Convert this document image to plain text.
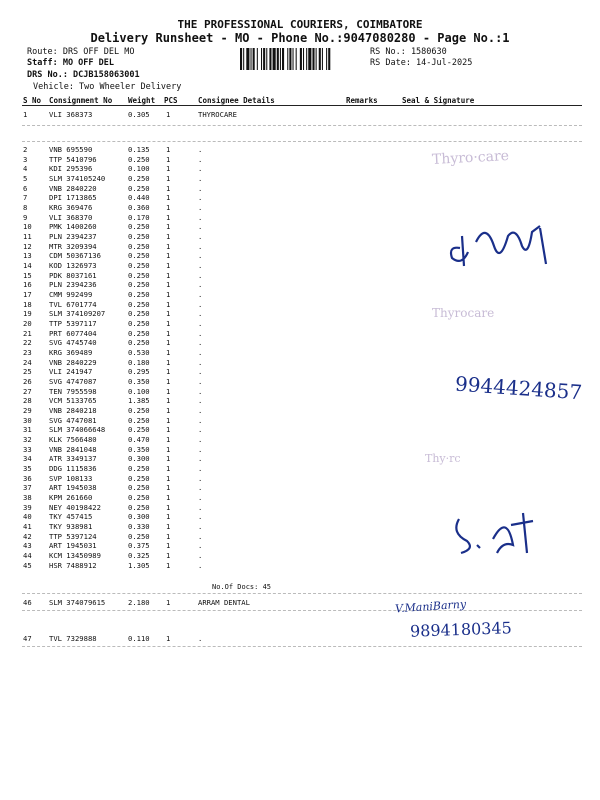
THE PROFESSIONAL COURIERS, COIMBATORE
Delivery Runsheet - MO - Phone No.:9047080280 - Page No.:1
Route: DRS OFF DEL MO
Staff: MO OFF DEL
DRS No.: DCJB158063001
Vehicle: Two Wheeler Delivery
RS No.: 1580630
RS Date: 14-Jul-2025
S No Consignment No Weight PCS	Consignee Details	Remarks	Seal & Signature
1	VLI 368373	0.305 1	THYROCARE
2	VNB 695590	0.135 1	.
3	TTP 5410796	0.250 1	.
4	KDI 295396	0.100 1	.
5	SLM 374105240	0.250 1	.
6	VNB 2840220	0.250 1	.
7	DPI 1713865	0.440 1	.
8	KRG 369476	0.360 1	.
9	VLI 368370	0.170 1	.
10 PMK 1400260	0.250 1	.
11 PLN 2394237	0.250 1	.
12 MTR 3209394	0.250 1	.
13 CDM 50367136	0.250 1	.
14 KOD 1326973	0.250 1	.
15 PDK 8037161	0.250 1	.
16 PLN 2394236	0.250 1	.
17 CMM 992499	0.250 1	.
18 TVL 6701774	0.250 1	.
19 SLM 374109207	0.250 1	.
20 TTP 5397117	0.250 1	.
21 PRT 6077404	0.250 1	.
22 SVG 4745740	0.250 1	.
23 KRG 369489	0.530 1	.
24 VNB 2840229	0.180 1	.
25 VLI 241947	0.295 1	.
26 SVG 4747087	0.350 1	.
27 TEN 7955598	0.100 1	.
28 VCM 5133765	1.385 1	.
29 VNB 2840218	0.250 1	.
30 SVG 4747081	0.250 1	.
31 SLM 374066648	0.250 1	.
32 KLK 7566480	0.470 1	.
33 VNB 2841048	0.350 1	.
34 ATR 3349137	0.300 1	.
35 DDG 1115836	0.250 1	.
36 SVP 108133	0.250 1	.
37 ART 1945038	0.250 1	.
38 KPM 261660	0.250 1	.
39 NEY 40198422	0.250 1	.
40 TKY 457415	0.300 1	.
41 TKY 938981	0.330 1	.
42 TTP 5397124	0.250 1	.
43 ART 1945031	0.375 1	.
44 KCM 13450989	0.325 1	.
45 HSR 7488912	1.305 1	.
46 SLM 374079615	2.180 1	ARRAM DENTAL
47 TVL 7329888	0.110 1	.
No.Of Docs: 45
Thyro·care
Thyrocare
Thy·rc
9944424857
V.ManiBarny
9894180345
